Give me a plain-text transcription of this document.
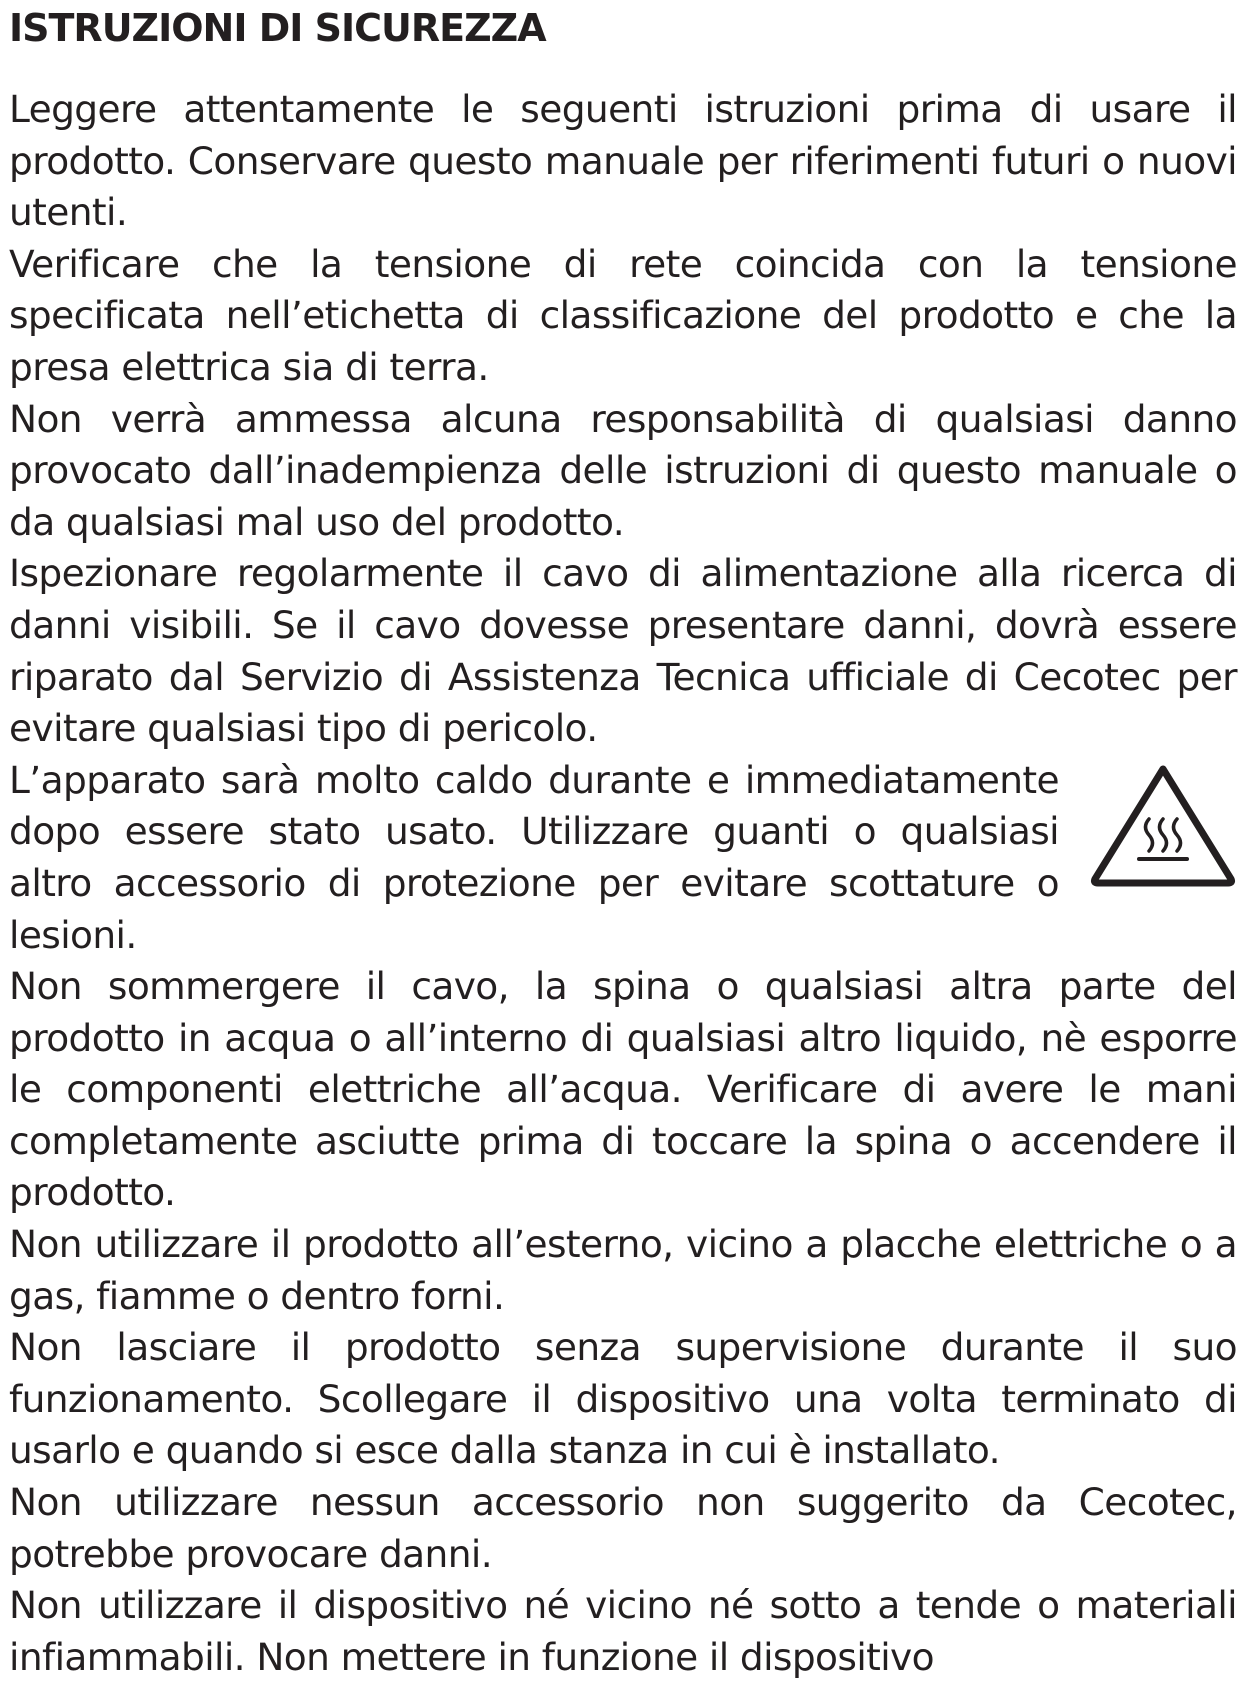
ISTRUZIONI DI SICUREZZA

Leggere attentamente le seguenti istruzioni prima di usare il prodotto. Conservare questo manuale per riferimenti futuri o nuovi utenti.

Verificare che la tensione di rete coincida con la tensione specificata nell’etichetta di classificazione del prodotto e che la presa elettrica sia di terra.

Non verrà ammessa alcuna responsabilità di qualsiasi danno provocato dall’inadempienza delle istruzioni di questo manuale o da qualsiasi mal uso del prodotto.

Ispezionare regolarmente il cavo di alimentazione alla ricerca di danni visibili. Se il cavo dovesse presentare danni, dovrà essere riparato dal Servizio di Assistenza Tecnica ufficiale di Cecotec per evitare qualsiasi tipo di pericolo.

L’apparato sarà molto caldo durante e immediatamente dopo essere stato usato. Utilizzare guanti o qualsiasi altro accessorio di protezione per evitare scottature o lesioni.

Non sommergere il cavo, la spina o qualsiasi altra parte del prodotto in acqua o all’interno di qualsiasi altro liquido, nè esporre le componenti elettriche all’acqua. Verificare di avere le mani completamente asciutte prima di toccare la spina o accendere il prodotto.

Non utilizzare il prodotto all’esterno, vicino a placche elettriche o a gas, fiamme o dentro forni.

Non lasciare il prodotto senza supervisione durante il suo funzionamento. Scollegare il dispositivo una volta terminato di usarlo e quando si esce dalla stanza in cui è installato.

Non utilizzare nessun accessorio non suggerito da Cecotec, potrebbe provocare danni.

Non utilizzare il dispositivo né vicino né sotto a tende o materiali infiammabili. Non mettere in funzione il dispositivo
